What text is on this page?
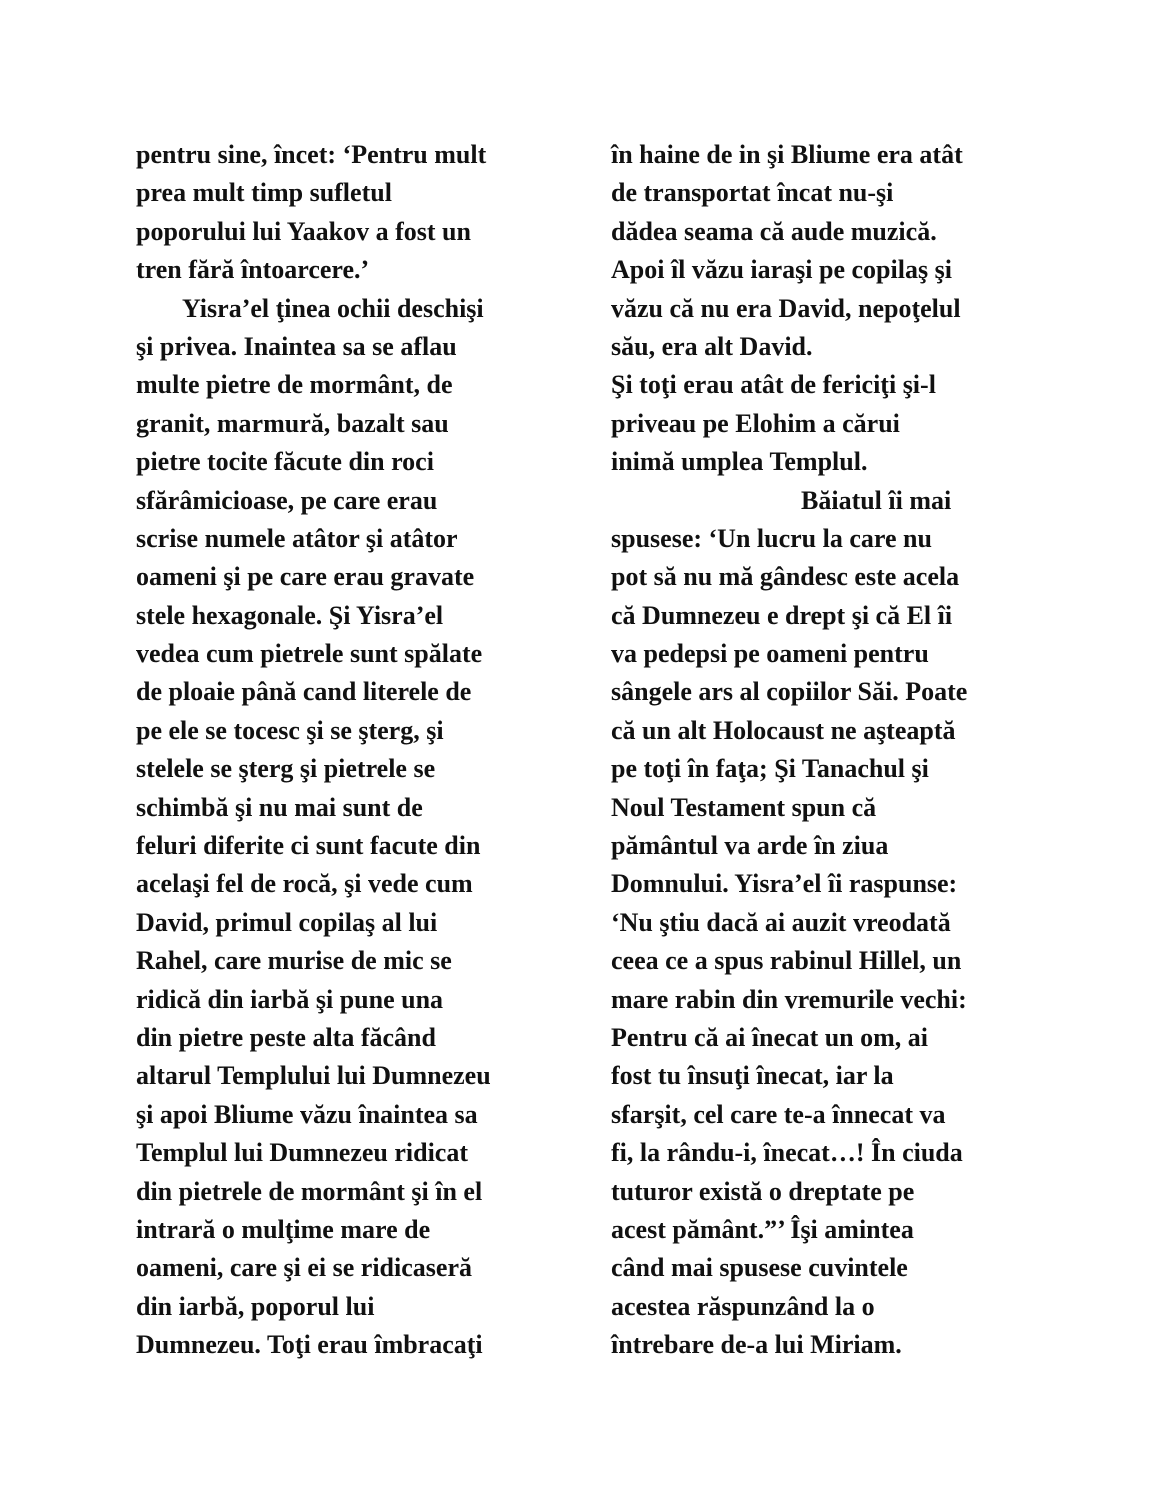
pentru sine, încet: ‘Pentru mult
prea mult timp sufletul
poporului lui Yaakov a fost un
tren fără întoarcere.’
Yisra’el ţinea ochii deschişi
şi privea. Inaintea sa se aflau
multe pietre de mormânt, de
granit, marmură, bazalt sau
pietre tocite făcute din roci
sfărâmicioase, pe care erau
scrise numele atâtor şi atâtor
oameni şi pe care erau gravate
stele hexagonale. Şi Yisra’el
vedea cum pietrele sunt spălate
de ploaie până cand literele de
pe ele se tocesc şi se şterg, şi
stelele se şterg şi pietrele se
schimbă şi nu mai sunt de
feluri diferite ci sunt facute din
acelaşi fel de rocă, şi vede cum
David, primul copilaş al lui
Rahel, care murise de mic se
ridică din iarbă şi pune una
din pietre peste alta făcând
altarul Templului lui Dumnezeu
şi apoi Bliume văzu înaintea sa
Templul lui Dumnezeu ridicat
din pietrele de mormânt şi în el
intrară o mulţime mare de
oameni, care şi ei se ridicaseră
din iarbă, poporul lui
Dumnezeu. Toţi erau îmbracaţi
în haine de in şi Bliume era atât
de transportat încat nu-şi
dădea seama că aude muzică.
Apoi îl văzu iaraşi pe copilaş şi
văzu că nu era David, nepoţelul
său, era alt David.
Şi toţi erau atât de fericiţi şi-l
priveau pe Elohim a cărui
inimă umplea Templul.
Băiatul îi mai
spusese: ‘Un lucru la care nu
pot să nu mă gândesc este acela
că Dumnezeu e drept şi că El îi
va pedepsi pe oameni pentru
sângele ars al copiilor Săi. Poate
că un alt Holocaust ne aşteaptă
pe toţi în faţa; Şi Tanachul şi
Noul Testament spun că
pământul va arde în ziua
Domnului. Yisra’el îi raspunse:
‘Nu ştiu dacă ai auzit vreodată
ceea ce a spus rabinul Hillel, un
mare rabin din vremurile vechi:
Pentru că ai înecat un om, ai
fost tu însuţi înecat, iar la
sfarşit, cel care te-a înnecat va
fi, la rându-i, înecat…! În ciuda
tuturor există o dreptate pe
acest pământ.”’ Îşi amintea
când mai spusese cuvintele
acestea răspunzând la o
întrebare de-a lui Miriam.
